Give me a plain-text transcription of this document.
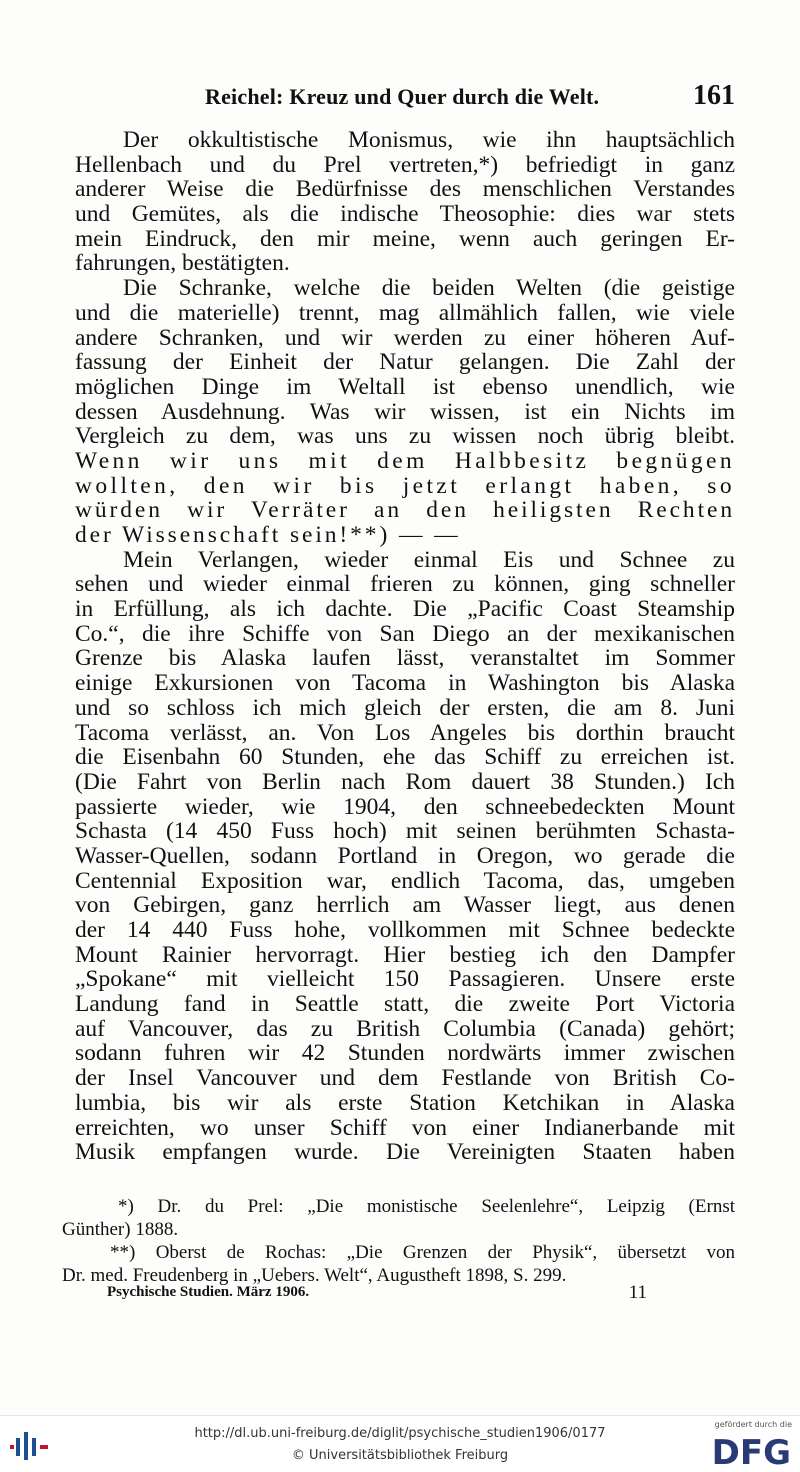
Reichel: Kreuz und Quer durch die Welt.	161
Der okkultistische Monismus, wie ihn hauptsächlich
Hellenbach und du Prel vertreten,*) befriedigt in ganz
anderer Weise die Bedürfnisse des menschlichen Verstandes
und Gemütes, als die indische Theosophie: dies war stets
mein Eindruck, den mir meine, wenn auch geringen Er-
fahrungen, bestätigten.
Die Schranke, welche die beiden Welten (die geistige
und die materielle) trennt, mag allmählich fallen, wie viele
andere Schranken, und wir werden zu einer höheren Auf-
fassung der Einheit der Natur gelangen. Die Zahl der
möglichen Dinge im Weltall ist ebenso unendlich, wie
dessen Ausdehnung. Was wir wissen, ist ein Nichts im
Vergleich zu dem, was uns zu wissen noch übrig bleibt.
Wenn wir uns mit dem Halbbesitz begnügen
wollten, den wir bis jetzt erlangt haben, so
würden wir Verräter an den heiligsten Rechten
der Wissenschaft sein!**) — —
Mein Verlangen, wieder einmal Eis und Schnee zu
sehen und wieder einmal frieren zu können, ging schneller
in Erfüllung, als ich dachte. Die „Pacific Coast Steamship
Co.“, die ihre Schiffe von San Diego an der mexikanischen
Grenze bis Alaska laufen lässt, veranstaltet im Sommer
einige Exkursionen von Tacoma in Washington bis Alaska
und so schloss ich mich gleich der ersten, die am 8. Juni
Tacoma verlässt, an. Von Los Angeles bis dorthin braucht
die Eisenbahn 60 Stunden, ehe das Schiff zu erreichen ist.
(Die Fahrt von Berlin nach Rom dauert 38 Stunden.) Ich
passierte wieder, wie 1904, den schneebedeckten Mount
Schasta (14 450 Fuss hoch) mit seinen berühmten Schasta-
Wasser-Quellen, sodann Portland in Oregon, wo gerade die
Centennial Exposition war, endlich Tacoma, das, umgeben
von Gebirgen, ganz herrlich am Wasser liegt, aus denen
der 14 440 Fuss hohe, vollkommen mit Schnee bedeckte
Mount Rainier hervorragt. Hier bestieg ich den Dampfer
„Spokane“ mit vielleicht 150 Passagieren. Unsere erste
Landung fand in Seattle statt, die zweite Port Victoria
auf Vancouver, das zu British Columbia (Canada) gehört;
sodann fuhren wir 42 Stunden nordwärts immer zwischen
der Insel Vancouver und dem Festlande von British Co-
lumbia, bis wir als erste Station Ketchikan in Alaska
erreichten, wo unser Schiff von einer Indianerbande mit
Musik empfangen wurde. Die Vereinigten Staaten haben
*) Dr. du Prel: „Die monistische Seelenlehre“, Leipzig (Ernst
Günther) 1888.
**) Oberst de Rochas: „Die Grenzen der Physik“, übersetzt von
Dr. med. Freudenberg in „Uebers. Welt“, Augustheft 1898, S. 299.
Psychische Studien. März 1906.	11
http://dl.ub.uni-freiburg.de/diglit/psychische_studien1906/0177
© Universitätsbibliothek Freiburg
gefördert durch die
DFG
